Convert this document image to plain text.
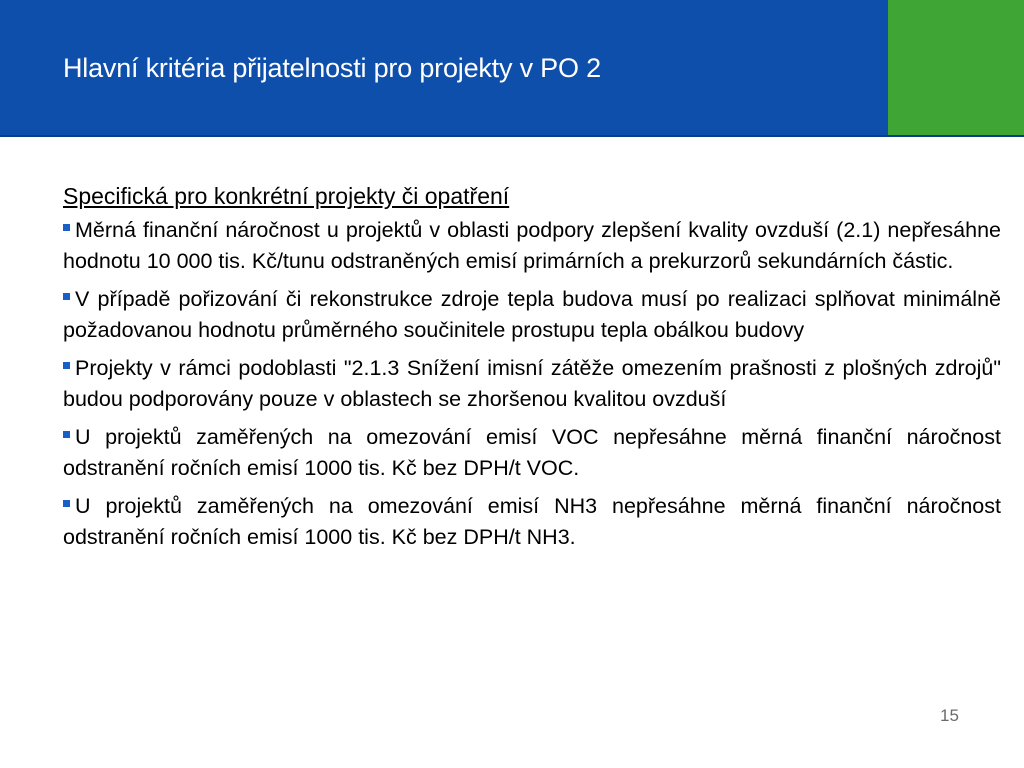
Hlavní kritéria přijatelnosti pro projekty v PO 2

Specifická pro konkrétní projekty či opatření

Měrná finanční náročnost u projektů v oblasti podpory zlepšení kvality ovzduší (2.1) nepřesáhne hodnotu 10 000 tis. Kč/tunu odstraněných emisí primárních a prekurzorů sekundárních částic.
V případě pořizování či rekonstrukce zdroje tepla budova musí po realizaci splňovat minimálně požadovanou hodnotu průměrného součinitele prostupu tepla obálkou budovy
Projekty v rámci podoblasti "2.1.3 Snížení imisní zátěže omezením prašnosti z plošných zdrojů" budou podporovány pouze v oblastech se zhoršenou kvalitou ovzduší
U projektů zaměřených na omezování emisí VOC nepřesáhne měrná finanční náročnost odstranění ročních emisí 1000 tis. Kč bez DPH/t VOC.
U projektů zaměřených na omezování emisí NH3 nepřesáhne měrná finanční náročnost odstranění ročních emisí 1000 tis. Kč bez DPH/t NH3.
15
